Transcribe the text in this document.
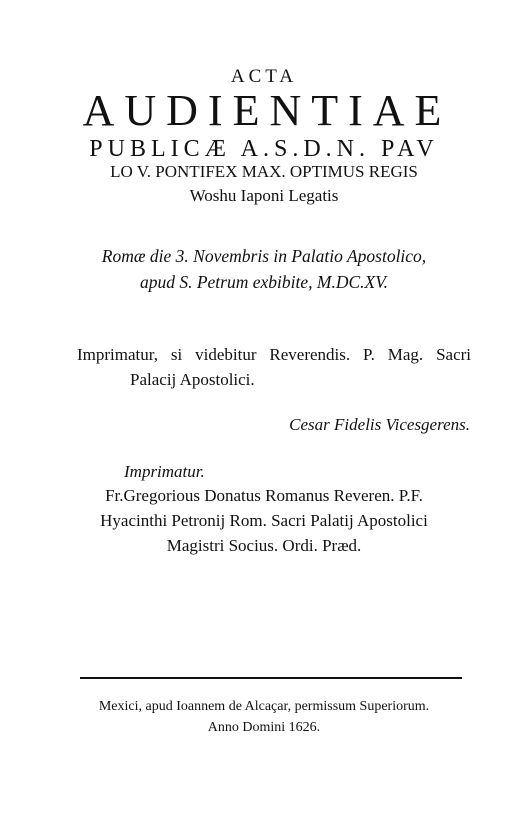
ACTA
AUDIENTIAE
PUBLICÆ A.S.D.N. PAV
LO V. PONTIFEX MAX. OPTIMUS REGIS
Woshu Iaponi Legatis
Romæ die 3. Novembris in Palatio Apostolico,
apud S. Petrum exbibite, M.DC.XV.
Imprimatur, si videbitur Reverendis. P. Mag. Sacri
Palacij Apostolici.
Cesar Fidelis Vicesgerens.
Imprimatur.
Fr.Gregorious Donatus Romanus Reveren. P.F.
Hyacinthi Petronij Rom. Sacri Palatij Apostolici
Magistri Socius. Ordi. Præd.
Mexici, apud Ioannem de Alcaçar, permissum Superiorum.
Anno Domini 1626.
